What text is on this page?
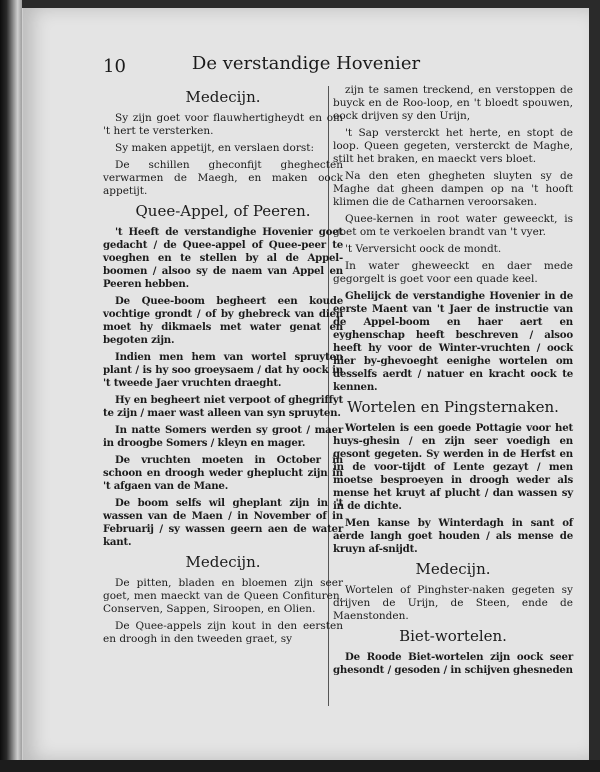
10	De verstandige Hovenier
Medecijn.

Sy zijn goet voor flauwhertigheydt en om 't hert te versterken.

Sy maken appetijt, en verslaen dorst:

De schillen gheconfijt gheghecten verwarmen de Maegh, en maken oock appetijt.

Quee-Appel, of Peeren.

't Heeft de verstandighe Hovenier goet gedacht / de Quee-appel of Quee-peer te voeghen en te stellen by al de Appel-boomen / alsoo sy de naem van Appel en Peeren hebben.

De Quee-boom begheert een koude vochtige grondt / of by ghebreck van dien moet hy dikmaels met water genat en begoten zijn.

Indien men hem van wortel spruyten plant / is hy soo groeysaem / dat hy oock in 't tweede Jaer vruchten draeght.

Hy en begheert niet verpoot of ghegriffyt te zijn / maer wast alleen van syn spruyten.

In natte Somers werden sy groot / maer in droogbe Somers / kleyn en mager.

De vruchten moeten in October in schoon en droogh weder gheplucht zijn in 't afgaen van de Mane.

De boom selfs wil gheplant zijn in 't wassen van de Maen / in November of in Februarij / sy wassen geern aen de water kant.

Medecijn.

De pitten, bladen en bloemen zijn seer goet, men maeckt van de Queen Confituren, Conserven, Sappen, Siroopen, en Olien.

De Quee-appels zijn kout in den eersten en droogh in den tweeden graet, sy

zijn te samen treckend, en verstoppen de buyck en de Roo-loop, en 't bloedt spouwen, oock drijven sy den Urijn,

't Sap versterckt het herte, en stopt de loop. Queen gegeten, versterckt de Maghe, stilt het braken, en maeckt vers bloet.

Na den eten ghegheten sluyten sy de Maghe dat gheen dampen op na 't hooft klimen die de Catharnen veroorsaken.

Quee-kernen in root water geweeckt, is goet om te verkoelen brandt van 't vyer.

't Verversicht oock de mondt.

In water gheweeckt en daer mede gegorgelt is goet voor een quade keel.

Ghelijck de verstandighe Hovenier in de eerste Maent van 't Jaer de instructie van de Appel-boom en haer aert en eyghenschap heeft beschreven / alsoo heeft hy voor de Winter-vruchten / oock hier by-ghevoeght eenighe wortelen om desselfs aerdt / natuer en kracht oock te kennen.

Wortelen en Pingsternaken.

Wortelen is een goede Pottagie voor het huys-ghesin / en zijn seer voedigh en gesont gegeten. Sy werden in de Herfst en in de voor-tijdt of Lente gezayt / men moetse besproeyen in droogh weder als mense het kruyt af plucht / dan wassen sy in de dichte.

Men kanse by Winterdagh in sant of aerde langh goet houden / als mense de kruyn af-snijdt.

Medecijn.

Wortelen of Pinghster-naken gegeten sy drijven de Urijn, de Steen, ende de Maenstonden.

Biet-wortelen.

De Roode Biet-wortelen zijn oock seer ghesondt / gesoden / in schijven ghesneden
